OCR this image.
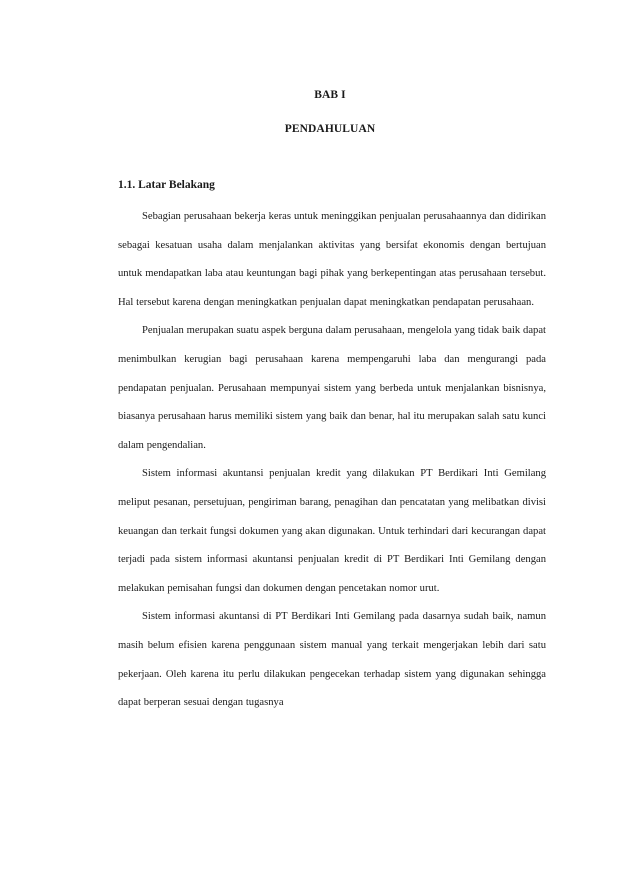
BAB I
PENDAHULUAN
1.1. Latar Belakang

Sebagian perusahaan bekerja keras untuk meninggikan penjualan perusahaannya dan didirikan sebagai kesatuan usaha dalam menjalankan aktivitas yang bersifat ekonomis dengan bertujuan untuk mendapatkan laba atau keuntungan bagi pihak yang berkepentingan atas perusahaan tersebut. Hal tersebut karena dengan meningkatkan penjualan dapat meningkatkan pendapatan perusahaan.

Penjualan merupakan suatu aspek berguna dalam perusahaan, mengelola yang tidak baik dapat menimbulkan kerugian bagi perusahaan karena mempengaruhi laba dan mengurangi pada pendapatan penjualan. Perusahaan mempunyai sistem yang berbeda untuk menjalankan bisnisnya, biasanya perusahaan harus memiliki sistem yang baik dan benar, hal itu merupakan salah satu kunci dalam pengendalian.

Sistem informasi akuntansi penjualan kredit yang dilakukan PT Berdikari Inti Gemilang meliput pesanan, persetujuan, pengiriman barang, penagihan dan pencatatan yang melibatkan divisi keuangan dan terkait fungsi dokumen yang akan digunakan. Untuk terhindari dari kecurangan dapat terjadi pada sistem informasi akuntansi penjualan kredit di PT Berdikari Inti Gemilang dengan melakukan pemisahan fungsi dan dokumen dengan pencetakan nomor urut.

Sistem informasi akuntansi di PT Berdikari Inti Gemilang pada dasarnya sudah baik, namun masih belum efisien karena penggunaan sistem manual yang terkait mengerjakan lebih dari satu pekerjaan. Oleh karena itu perlu dilakukan pengecekan terhadap sistem yang digunakan sehingga dapat berperan sesuai dengan tugasnya
